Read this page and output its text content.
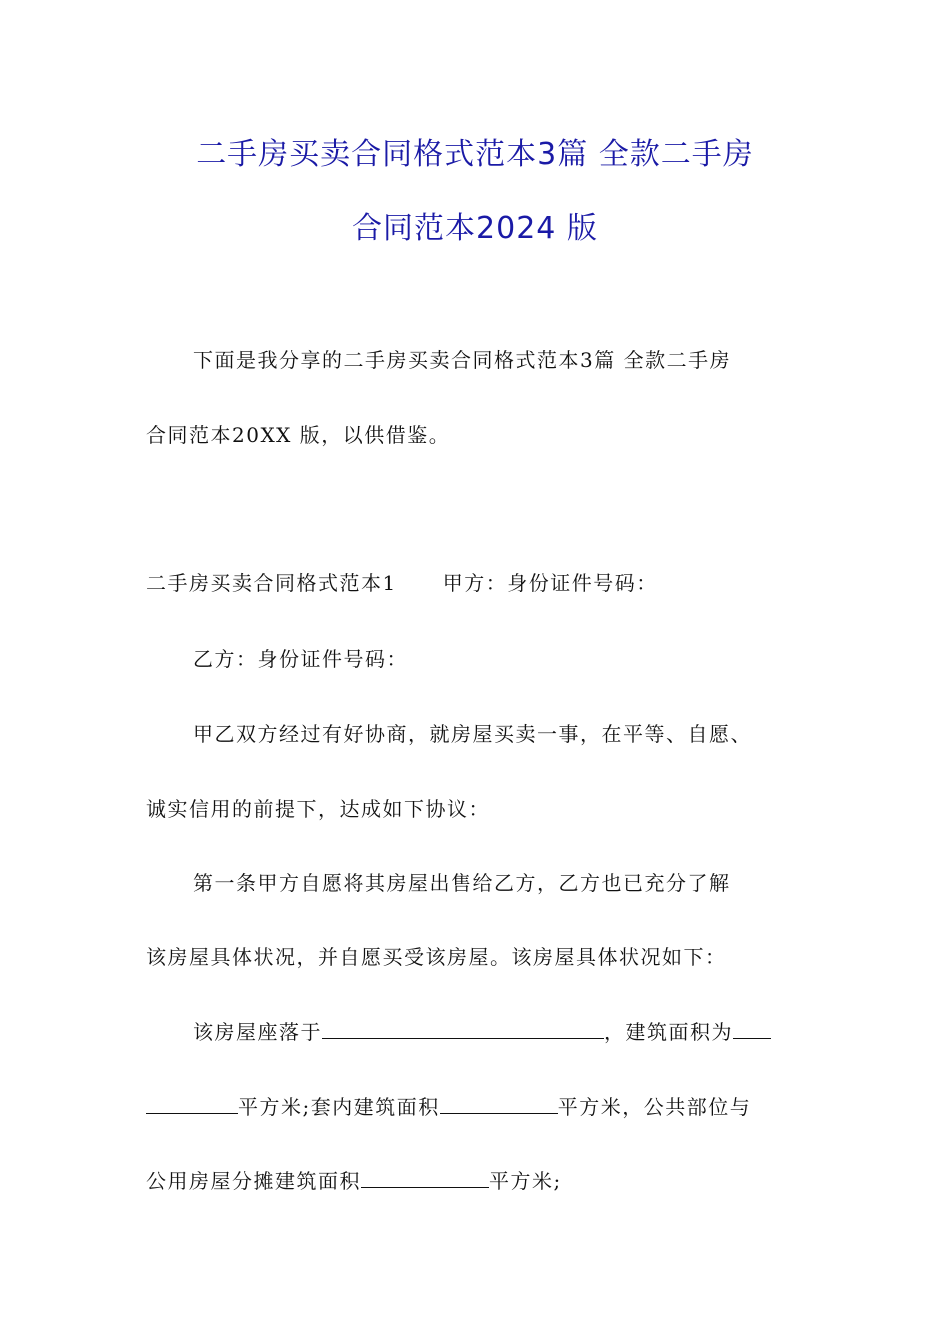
二手房买卖合同格式范本3篇 全款二手房
合同范本2024 版
下面是我分享的二手房买卖合同格式范本3篇 全款二手房
合同范本20XX 版，以供借鉴。
二手房买卖合同格式范本1 甲方：身份证件号码：
乙方：身份证件号码：
甲乙双方经过有好协商，就房屋买卖一事，在平等、自愿、
诚实信用的前提下，达成如下协议：
第一条甲方自愿将其房屋出售给乙方，乙方也已充分了解
该房屋具体状况，并自愿买受该房屋。该房屋具体状况如下：
该房屋座落于	，建筑面积为
平方米;套内建筑面积	平方米，公共部位与
公用房屋分摊建筑面积	平方米;
